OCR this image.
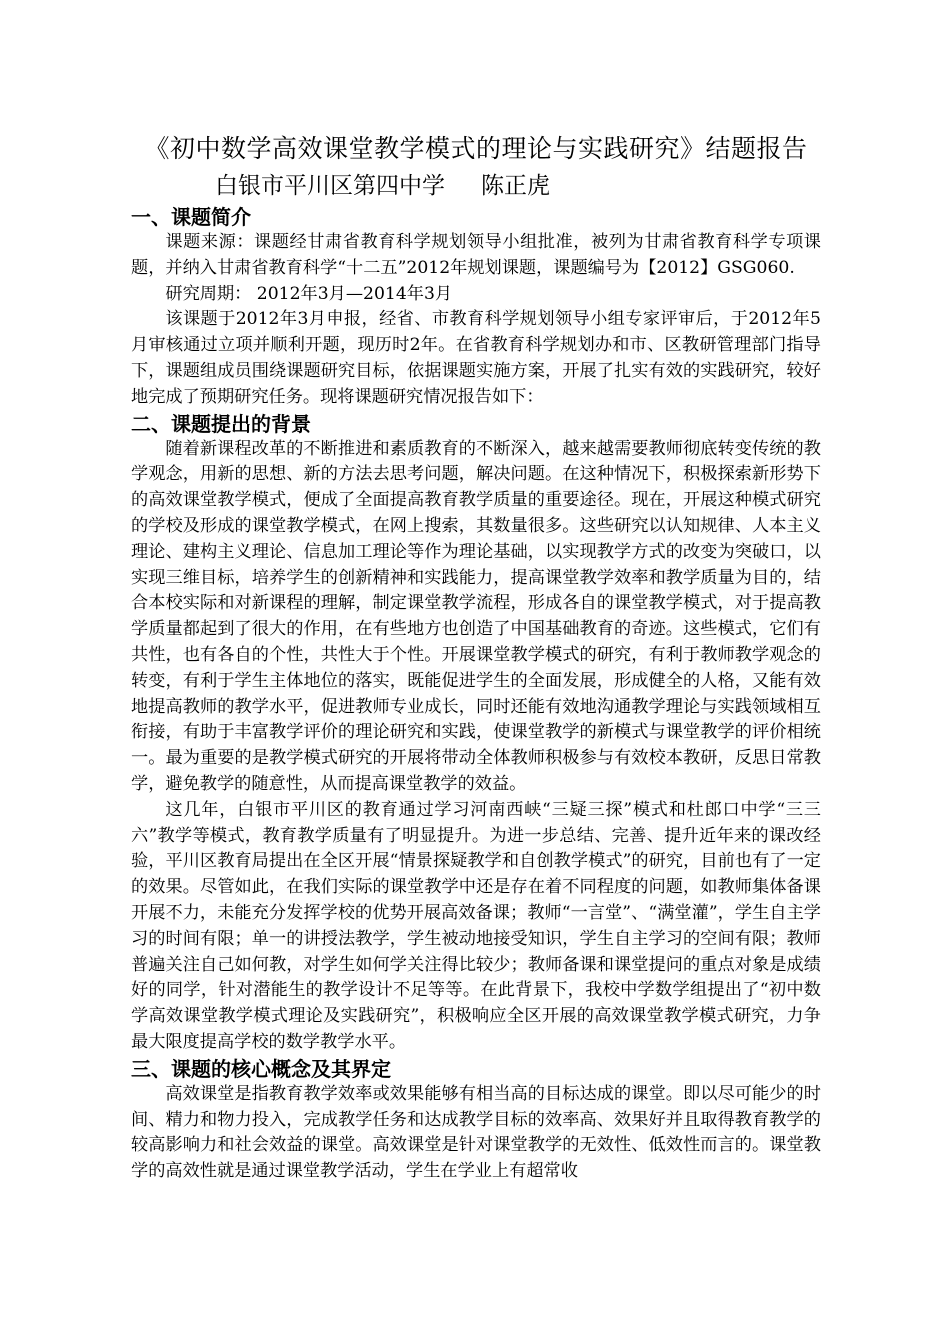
《初中数学高效课堂教学模式的理论与实践研究》结题报告
白银市平川区第四中学 陈正虎
一、课题简介

课题来源：课题经甘肃省教育科学规划领导小组批准，被列为甘肃省教育科学专项课题，并纳入甘肃省教育科学“十二五”2012年规划课题，课题编号为【2012】GSG060.

研究周期： 2012年3月—2014年3月

该课题于2012年3月申报，经省、市教育科学规划领导小组专家评审后，于2012年5月审核通过立项并顺利开题，现历时2年。在省教育科学规划办和市、区教研管理部门指导下，课题组成员围绕课题研究目标，依据课题实施方案，开展了扎实有效的实践研究，较好地完成了预期研究任务。现将课题研究情况报告如下：

二、课题提出的背景

随着新课程改革的不断推进和素质教育的不断深入，越来越需要教师彻底转变传统的教学观念，用新的思想、新的方法去思考问题，解决问题。在这种情况下，积极探索新形势下的高效课堂教学模式，便成了全面提高教育教学质量的重要途径。现在，开展这种模式研究的学校及形成的课堂教学模式，在网上搜索，其数量很多。这些研究以认知规律、人本主义理论、建构主义理论、信息加工理论等作为理论基础，以实现教学方式的改变为突破口，以实现三维目标，培养学生的创新精神和实践能力，提高课堂教学效率和教学质量为目的，结合本校实际和对新课程的理解，制定课堂教学流程，形成各自的课堂教学模式，对于提高教学质量都起到了很大的作用，在有些地方也创造了中国基础教育的奇迹。这些模式，它们有共性，也有各自的个性，共性大于个性。开展课堂教学模式的研究，有利于教师教学观念的转变，有利于学生主体地位的落实，既能促进学生的全面发展，形成健全的人格，又能有效地提高教师的教学水平，促进教师专业成长，同时还能有效地沟通教学理论与实践领域相互衔接，有助于丰富教学评价的理论研究和实践，使课堂教学的新模式与课堂教学的评价相统一。最为重要的是教学模式研究的开展将带动全体教师积极参与有效校本教研，反思日常教学，避免教学的随意性，从而提高课堂教学的效益。

这几年，白银市平川区的教育通过学习河南西峡“三疑三探”模式和杜郎口中学“三三六”教学等模式，教育教学质量有了明显提升。为进一步总结、完善、提升近年来的课改经验，平川区教育局提出在全区开展“情景探疑教学和自创教学模式”的研究，目前也有了一定的效果。尽管如此，在我们实际的课堂教学中还是存在着不同程度的问题，如教师集体备课开展不力，未能充分发挥学校的优势开展高效备课；教师“一言堂”、“满堂灌”，学生自主学习的时间有限；单一的讲授法教学，学生被动地接受知识，学生自主学习的空间有限；教师普遍关注自己如何教，对学生如何学关注得比较少；教师备课和课堂提问的重点对象是成绩好的同学，针对潜能生的教学设计不足等等。在此背景下，我校中学数学组提出了“初中数学高效课堂教学模式理论及实践研究”，积极响应全区开展的高效课堂教学模式研究，力争最大限度提高学校的数学教学水平。

三、课题的核心概念及其界定

高效课堂是指教育教学效率或效果能够有相当高的目标达成的课堂。即以尽可能少的时间、精力和物力投入，完成教学任务和达成教学目标的效率高、效果好并且取得教育教学的较高影响力和社会效益的课堂。高效课堂是针对课堂教学的无效性、低效性而言的。课堂教学的高效性就是通过课堂教学活动，学生在学业上有超常收
